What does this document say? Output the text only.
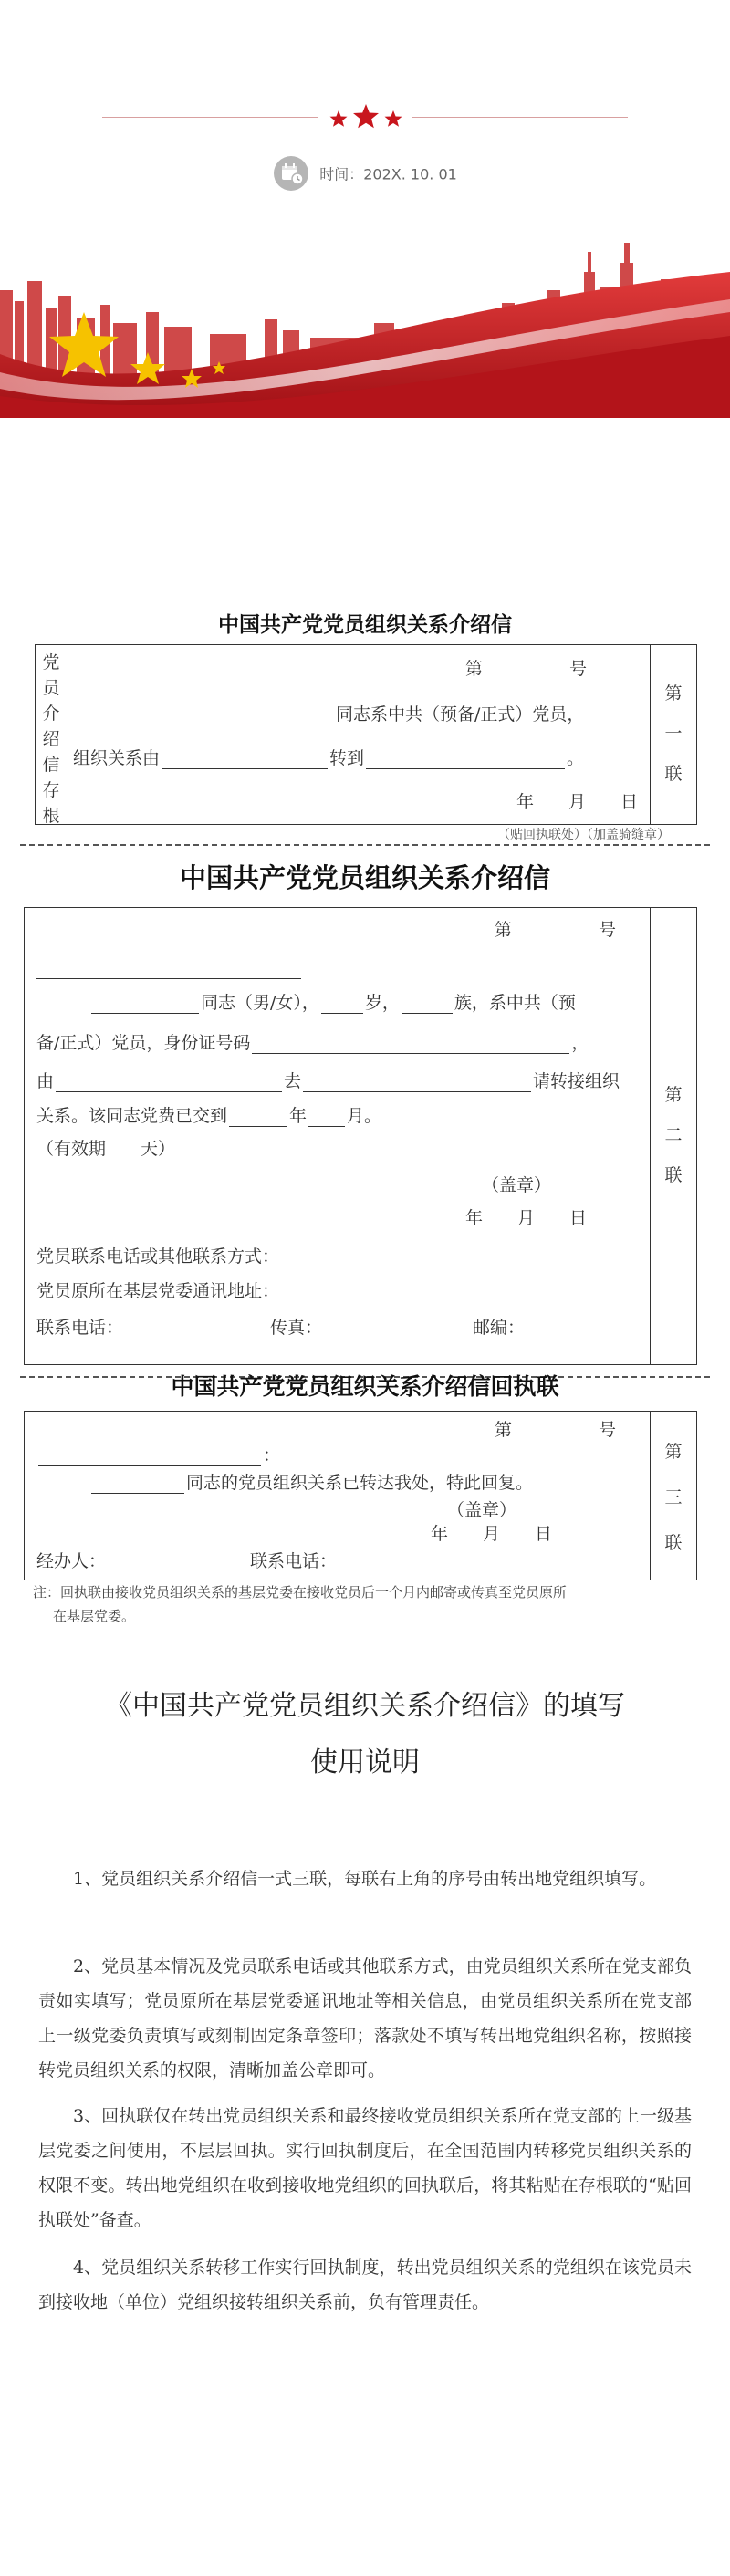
时间：202X. 10. 01
中国共产党党员组织关系介绍信
党
员
介
绍
信
存
根
第
一
联
第　　　　　号
同志系中共（预备/正式）党员，
组织关系由	转到	。
年　　月　　日
（贴回执联处）（加盖骑缝章）
中国共产党党员组织关系介绍信
第
二
联
第　　　　　号
同志（男/女），	岁，	族，系中共（预
备/正式）党员，身份证号码	，
由	去	请转接组织
关系。该同志党费已交到	年 月。
（有效期　　天）
（盖章）
年　　月　　日
党员联系电话或其他联系方式：
党员原所在基层党委通讯地址：
联系电话：	传真：	邮编：
中国共产党党员组织关系介绍信回执联
第
三
联
第　　　　　号
：
同志的党员组织关系已转达我处，特此回复。
（盖章）
年　　月　　日
经办人：	联系电话：
注：回执联由接收党员组织关系的基层党委在接收党员后一个月内邮寄或传真至党员原所
在基层党委。
《中国共产党党员组织关系介绍信》的填写
使用说明
1、党员组织关系介绍信一式三联，每联右上角的序号由转出地党组织填写。
2、党员基本情况及党员联系电话或其他联系方式，由党员组织关系所在党支部负责如实填写；党员原所在基层党委通讯地址等相关信息，由党员组织关系所在党支部上一级党委负责填写或刻制固定条章签印；落款处不填写转出地党组织名称，按照接转党员组织关系的权限，清晰加盖公章即可。
3、回执联仅在转出党员组织关系和最终接收党员组织关系所在党支部的上一级基层党委之间使用，不层层回执。实行回执制度后，在全国范围内转移党员组织关系的权限不变。转出地党组织在收到接收地党组织的回执联后，将其粘贴在存根联的“贴回执联处”备查。
4、党员组织关系转移工作实行回执制度，转出党员组织关系的党组织在该党员未到接收地（单位）党组织接转组织关系前，负有管理责任。
